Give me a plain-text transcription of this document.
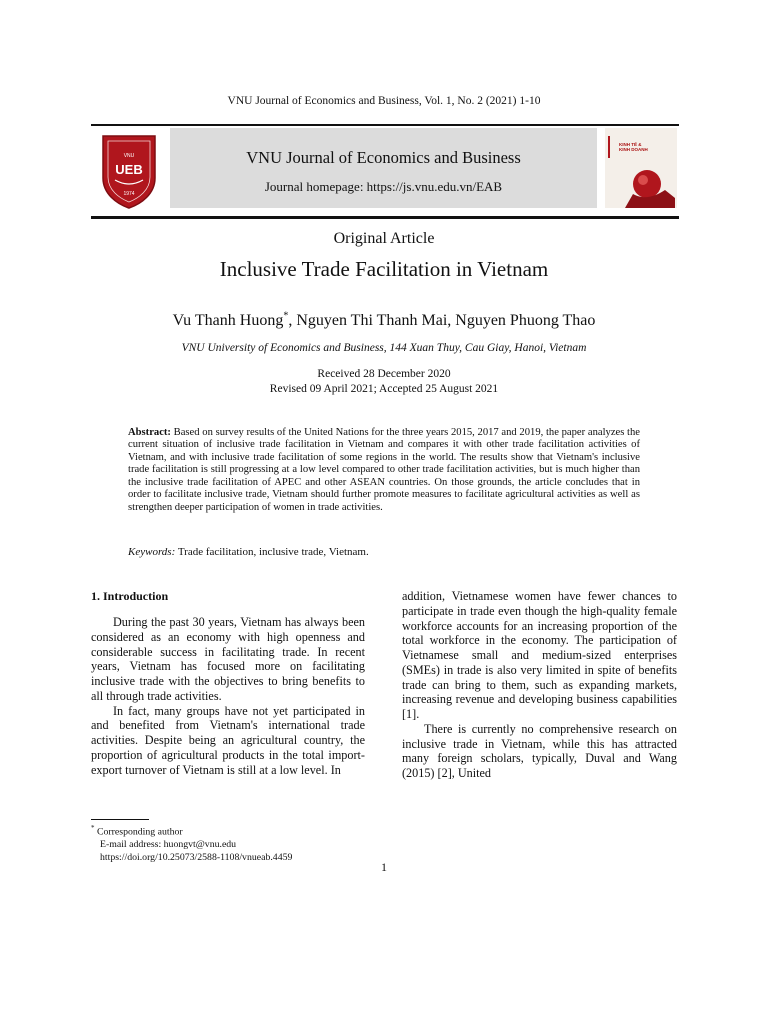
VNU Journal of Economics and Business, Vol. 1, No. 2 (2021) 1-10
VNU
UEB
1974
VNU Journal of Economics and Business
Journal homepage: https://js.vnu.edu.vn/EAB
KINH TẾ &
KINH DOANH
Original Article
Inclusive Trade Facilitation in Vietnam
Vu Thanh Huong*, Nguyen Thi Thanh Mai, Nguyen Phuong Thao
VNU University of Economics and Business, 144 Xuan Thuy, Cau Giay, Hanoi, Vietnam
Received 28 December 2020
Revised 09 April 2021; Accepted 25 August 2021
Abstract: Based on survey results of the United Nations for the three years 2015, 2017 and 2019, the paper analyzes the current situation of inclusive trade facilitation in Vietnam and compares it with other trade facilitation activities of Vietnam, and with inclusive trade facilitation of some regions in the world. The results show that Vietnam's inclusive trade facilitation is still progressing at a low level compared to other trade facilitation activities, but is much higher than the inclusive trade facilitation of APEC and other ASEAN countries. On those grounds, the article concludes that in order to facilitate inclusive trade, Vietnam should further promote measures to facilitate agricultural activities as well as strengthen deeper participation of women in trade activities.
Keywords: Trade facilitation, inclusive trade, Vietnam.
1. Introduction

During the past 30 years, Vietnam has always been considered as an economy with high openness and considerable success in facilitating trade. In recent years, Vietnam has focused more on facilitating inclusive trade with the objectives to bring benefits to all through trade activities.

In fact, many groups have not yet participated in and benefited from Vietnam's international trade activities. Despite being an agricultural country, the proportion of agricultural products in the total import-export turnover of Vietnam is still at a low level. In

addition, Vietnamese women have fewer chances to participate in trade even though the high-quality female workforce accounts for an increasing proportion of the total workforce in the economy. The participation of Vietnamese small and medium-sized enterprises (SMEs) in trade is also very limited in spite of benefits trade can bring to them, such as expanding markets, increasing revenue and developing business capabilities [1].

There is currently no comprehensive research on inclusive trade in Vietnam, while this has attracted many foreign scholars, typically, Duval and Wang (2015) [2], United

* Corresponding author
E-mail address: huongvt@vnu.edu
https://doi.org/10.25073/2588-1108/vnueab.4459
1
